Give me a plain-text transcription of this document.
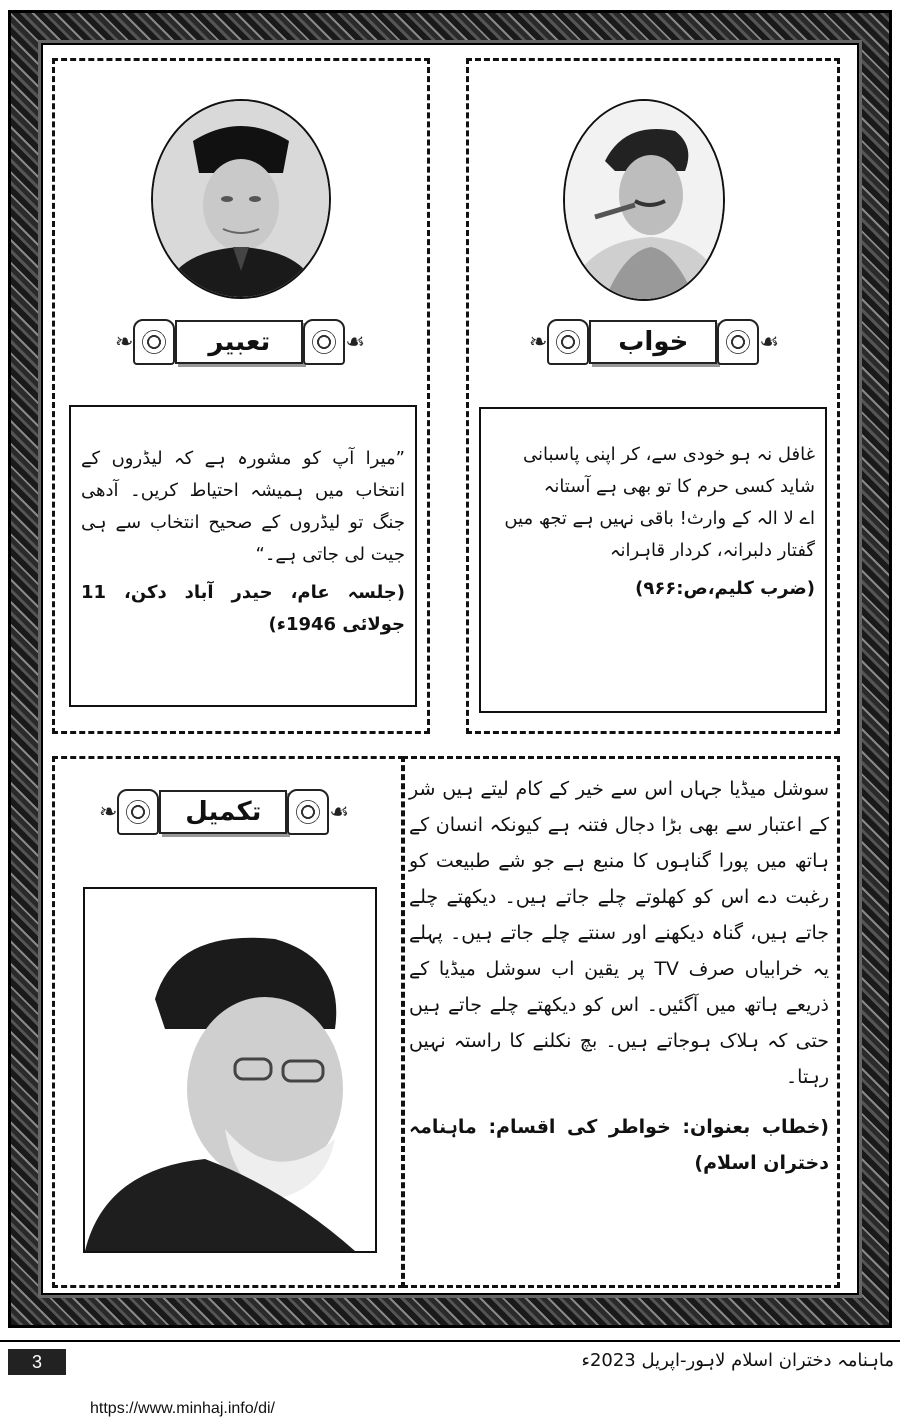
❧	تعبیر	☙

”میرا آپ کو مشورہ ہے کہ لیڈروں کے انتخاب میں ہمیشہ احتیاط کریں۔ آدھی جنگ تو لیڈروں کے صحیح انتخاب سے ہی جیت لی جاتی ہے۔“

(جلسہ عام، حیدر آباد دکن، 11 جولائی 1946ء)

❧	خواب	☙

غافل نہ ہو خودی سے، کر اپنی پاسبانی

شاید کسی حرم کا تو بھی ہے آستانہ

اے لا الہ کے وارث! باقی نہیں ہے تجھ میں

گفتار دلبرانہ، کردار قاہرانہ

(ضرب کلیم،ص:۹۶۶)

❧	تکمیل	☙

سوشل میڈیا جہاں اس سے خیر کے کام لیتے ہیں شر کے اعتبار سے بھی بڑا دجال فتنہ ہے کیونکہ انسان کے ہاتھ میں پورا گناہوں کا منبع ہے جو شے طبیعت کو رغبت دے اس کو کھلوتے چلے جاتے ہیں۔ دیکھتے چلے جاتے ہیں، گناہ دیکھنے اور سنتے چلے جاتے ہیں۔ پہلے یہ خرابیاں صرف TV پر یقین اب سوشل میڈیا کے ذریعے ہاتھ میں آگئیں۔ اس کو دیکھتے چلے جاتے ہیں حتی کہ ہلاک ہوجاتے ہیں۔ بچ نکلنے کا راستہ نہیں رہتا۔

(خطاب بعنوان: خواطر کی اقسام: ماہنامہ دختران اسلام)

3	ماہنامہ دختران اسلام لاہور-اپریل 2023ء
https://www.minhaj.info/di/
